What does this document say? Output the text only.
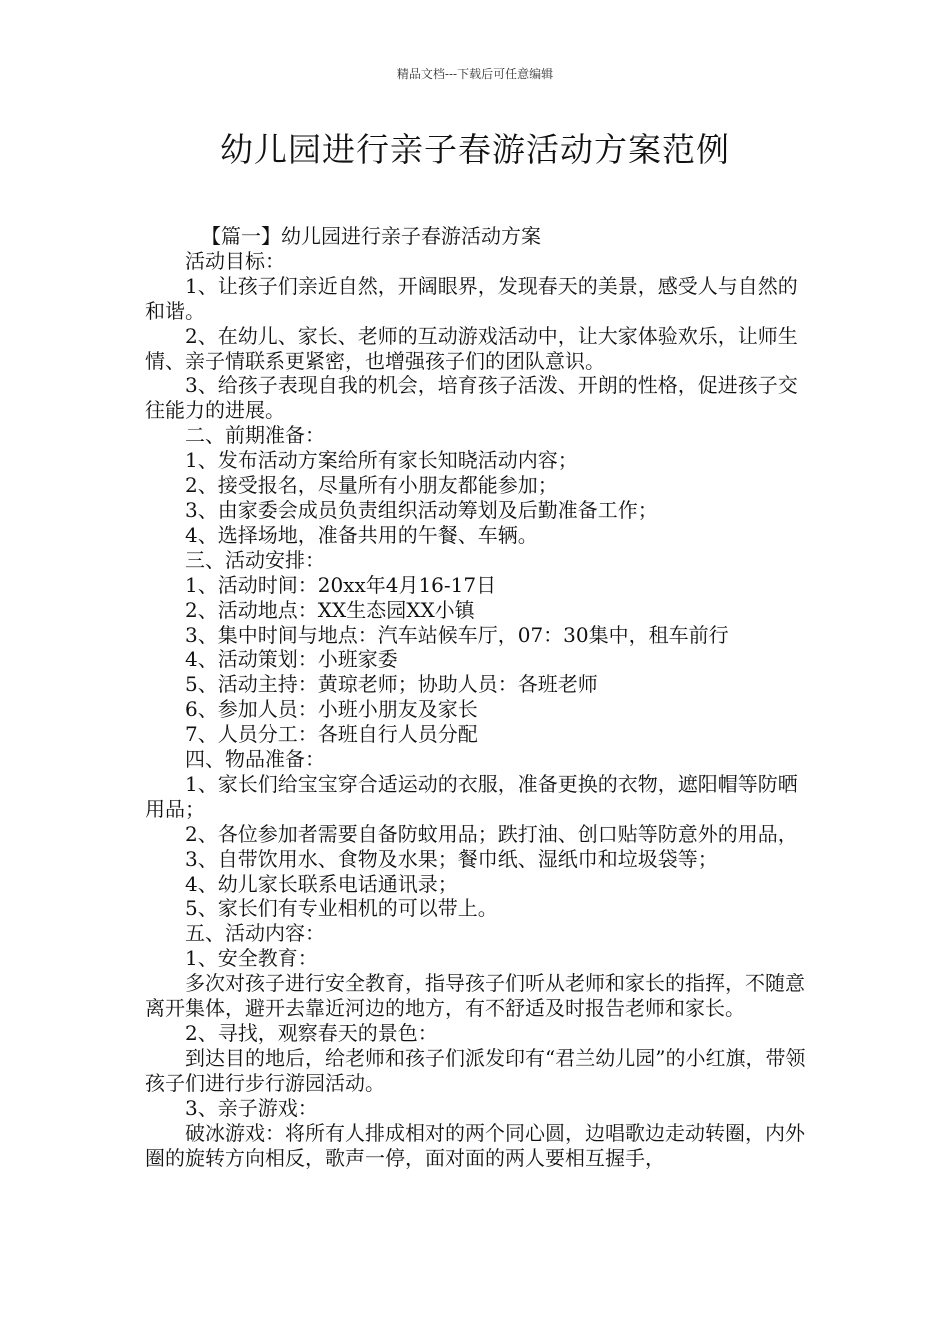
精品文档---下载后可任意编辑
幼儿园进行亲子春游活动方案范例

【篇一】幼儿园进行亲子春游活动方案

活动目标：

1、让孩子们亲近自然，开阔眼界，发现春天的美景，感受人与自然的和谐。

2、在幼儿、家长、老师的互动游戏活动中，让大家体验欢乐，让师生情、亲子情联系更紧密，也增强孩子们的团队意识。

3、给孩子表现自我的机会，培育孩子活泼、开朗的性格，促进孩子交往能力的进展。

二、前期准备：

1、发布活动方案给所有家长知晓活动内容；

2、接受报名，尽量所有小朋友都能参加；

3、由家委会成员负责组织活动筹划及后勤准备工作；

4、选择场地，准备共用的午餐、车辆。

三、活动安排：

1、活动时间：20xx年4月16-17日

2、活动地点：XX生态园XX小镇

3、集中时间与地点：汽车站候车厅，07：30集中，租车前行

4、活动策划：小班家委

5、活动主持：黄琼老师；协助人员：各班老师

6、参加人员：小班小朋友及家长

7、人员分工：各班自行人员分配

四、物品准备：

1、家长们给宝宝穿合适运动的衣服，准备更换的衣物，遮阳帽等防晒用品；

2、各位参加者需要自备防蚊用品；跌打油、创口贴等防意外的用品，

3、自带饮用水、食物及水果；餐巾纸、湿纸巾和垃圾袋等；

4、幼儿家长联系电话通讯录；

5、家长们有专业相机的可以带上。

五、活动内容：

1、安全教育：

多次对孩子进行安全教育，指导孩子们听从老师和家长的指挥，不随意离开集体，避开去靠近河边的地方，有不舒适及时报告老师和家长。

2、寻找，观察春天的景色：

到达目的地后，给老师和孩子们派发印有“君兰幼儿园”的小红旗，带领孩子们进行步行游园活动。

3、亲子游戏：

破冰游戏：将所有人排成相对的两个同心圆，边唱歌边走动转圈，内外圈的旋转方向相反，歌声一停，面对面的两人要相互握手，
